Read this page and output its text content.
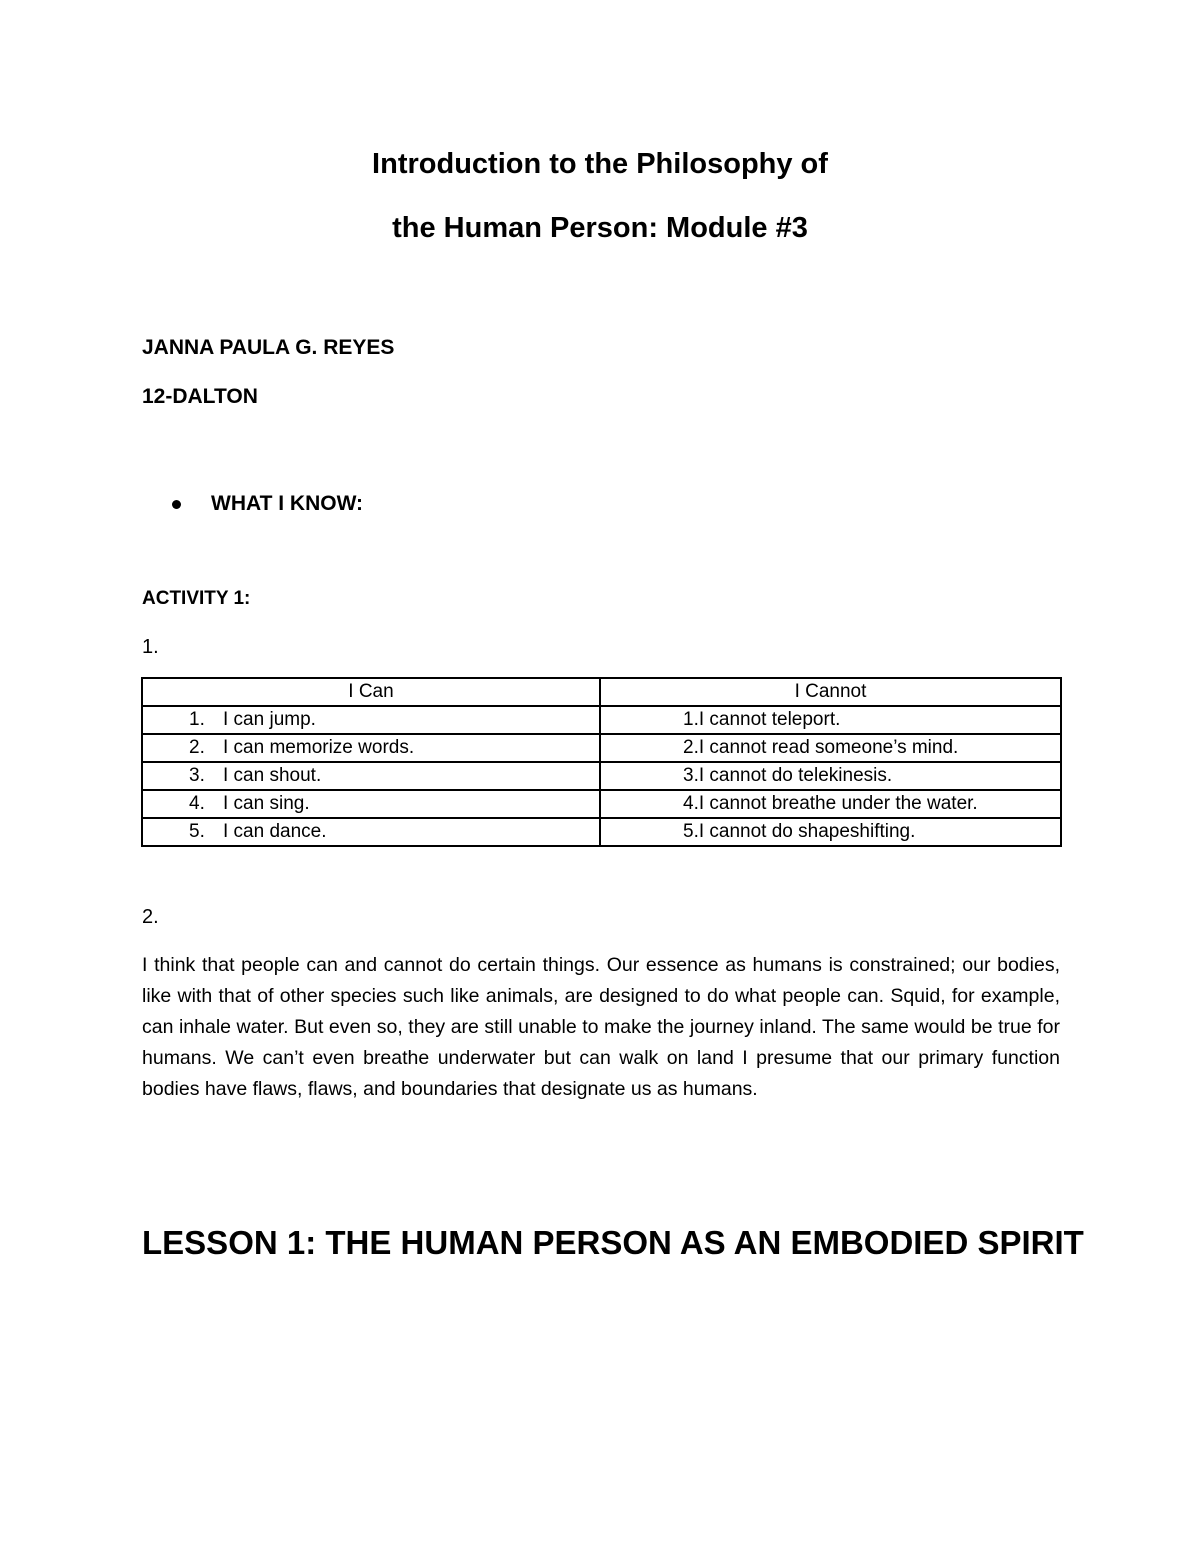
Introduction to the Philosophy of
the Human Person: Module #3
JANNA PAULA G. REYES
12-DALTON
WHAT I KNOW:
ACTIVITY 1:
1.
I Can	I Cannot
1. I can jump.	1.I cannot teleport.
2. I can memorize words.	2.I cannot read someone’s mind.
3. I can shout.	3.I cannot do telekinesis.
4. I can sing.	4.I cannot breathe under the water.
5. I can dance.	5.I cannot do shapeshifting.
2.
I think that people can and cannot do certain things. Our essence as humans is constrained; our bodies, like with that of other species such like animals, are designed to do what people can. Squid, for example, can inhale water. But even so, they are still unable to make the journey inland. The same would be true for humans. We can’t even breathe underwater but can walk on land I presume that our primary function bodies have flaws, flaws, and boundaries that designate us as humans.
LESSON 1: THE HUMAN PERSON AS AN EMBODIED SPIRIT
